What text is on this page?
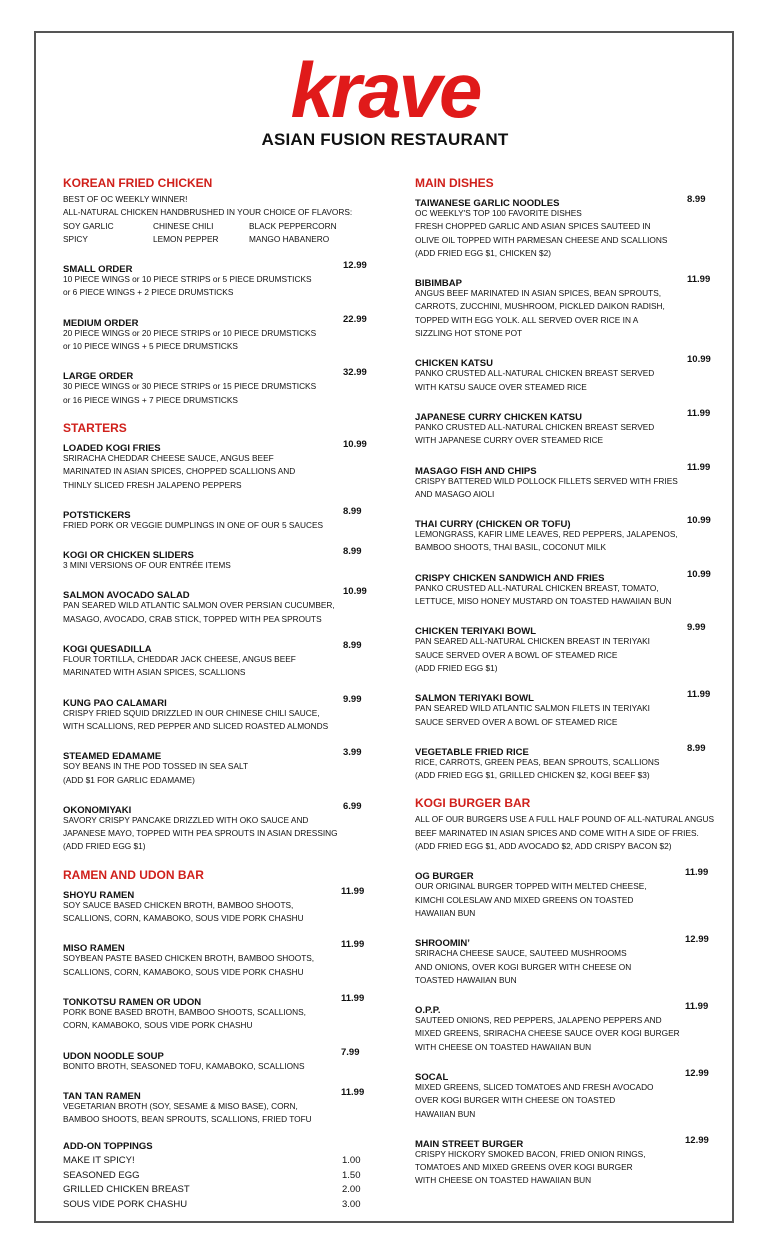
krave
ASIAN FUSION RESTAURANT
KOREAN FRIED CHICKEN
BEST OF OC WEEKLY WINNER!
ALL-NATURAL CHICKEN HANDBRUSHED IN YOUR CHOICE OF FLAVORS:
SOY GARLIC	CHINESE CHILI	BLACK PEPPERCORN
SPICY	LEMON PEPPER	MANGO HABANERO
SMALL ORDER	12.99
10 PIECE WINGS or 10 PIECE STRIPS or 5 PIECE DRUMSTICKS
or 6 PIECE WINGS + 2 PIECE DRUMSTICKS
MEDIUM ORDER	22.99
20 PIECE WINGS or 20 PIECE STRIPS or 10 PIECE DRUMSTICKS
or 10 PIECE WINGS + 5 PIECE DRUMSTICKS
LARGE ORDER	32.99
30 PIECE WINGS or 30 PIECE STRIPS or 15 PIECE DRUMSTICKS
or 16 PIECE WINGS + 7 PIECE DRUMSTICKS
STARTERS
LOADED KOGI FRIES	10.99
SRIRACHA CHEDDAR CHEESE SAUCE, ANGUS BEEF
MARINATED IN ASIAN SPICES, CHOPPED SCALLIONS AND
THINLY SLICED FRESH JALAPENO PEPPERS
POTSTICKERS	8.99
FRIED PORK OR VEGGIE DUMPLINGS IN ONE OF OUR 5 SAUCES
KOGI OR CHICKEN SLIDERS	8.99
3 MINI VERSIONS OF OUR ENTRÉE ITEMS
SALMON AVOCADO SALAD	10.99
PAN SEARED WILD ATLANTIC SALMON OVER PERSIAN CUCUMBER,
MASAGO, AVOCADO, CRAB STICK, TOPPED WITH PEA SPROUTS
KOGI QUESADILLA	8.99
FLOUR TORTILLA, CHEDDAR JACK CHEESE, ANGUS BEEF
MARINATED WITH ASIAN SPICES, SCALLIONS
KUNG PAO CALAMARI	9.99
CRISPY FRIED SQUID DRIZZLED IN OUR CHINESE CHILI SAUCE,
WITH SCALLIONS, RED PEPPER AND SLICED ROASTED ALMONDS
STEAMED EDAMAME	3.99
SOY BEANS IN THE POD TOSSED IN SEA SALT
(ADD $1 FOR GARLIC EDAMAME)
OKONOMIYAKI	6.99
SAVORY CRISPY PANCAKE DRIZZLED WITH OKO SAUCE AND
JAPANESE MAYO, TOPPED WITH PEA SPROUTS IN ASIAN DRESSING
(ADD FRIED EGG $1)
RAMEN AND UDON BAR
SHOYU RAMEN	11.99
SOY SAUCE BASED CHICKEN BROTH, BAMBOO SHOOTS,
SCALLIONS, CORN, KAMABOKO, SOUS VIDE PORK CHASHU
MISO RAMEN	11.99
SOYBEAN PASTE BASED CHICKEN BROTH, BAMBOO SHOOTS,
SCALLIONS, CORN, KAMABOKO, SOUS VIDE PORK CHASHU
TONKOTSU RAMEN OR UDON	11.99
PORK BONE BASED BROTH, BAMBOO SHOOTS, SCALLIONS,
CORN, KAMABOKO, SOUS VIDE PORK CHASHU
UDON NOODLE SOUP	7.99
BONITO BROTH, SEASONED TOFU, KAMABOKO, SCALLIONS
TAN TAN RAMEN	11.99
VEGETARIAN BROTH (SOY, SESAME & MISO BASE), CORN,
BAMBOO SHOOTS, BEAN SPROUTS, SCALLIONS, FRIED TOFU
ADD-ON TOPPINGS
MAKE IT SPICY!	1.00
SEASONED EGG	1.50
GRILLED CHICKEN BREAST	2.00
SOUS VIDE PORK CHASHU	3.00
MAIN DISHES
TAIWANESE GARLIC NOODLES	8.99
OC WEEKLY'S TOP 100 FAVORITE DISHES
FRESH CHOPPED GARLIC AND ASIAN SPICES SAUTEED IN
OLIVE OIL TOPPED WITH PARMESAN CHEESE AND SCALLIONS
(ADD FRIED EGG $1, CHICKEN $2)
BIBIMBAP	11.99
ANGUS BEEF MARINATED IN ASIAN SPICES, BEAN SPROUTS,
CARROTS, ZUCCHINI, MUSHROOM, PICKLED DAIKON RADISH,
TOPPED WITH EGG YOLK. ALL SERVED OVER RICE IN A
SIZZLING HOT STONE POT
CHICKEN KATSU	10.99
PANKO CRUSTED ALL-NATURAL CHICKEN BREAST SERVED
WITH KATSU SAUCE OVER STEAMED RICE
JAPANESE CURRY CHICKEN KATSU	11.99
PANKO CRUSTED ALL-NATURAL CHICKEN BREAST SERVED
WITH JAPANESE CURRY OVER STEAMED RICE
MASAGO FISH AND CHIPS	11.99
CRISPY BATTERED WILD POLLOCK FILLETS SERVED WITH FRIES
AND MASAGO AIOLI
THAI CURRY (CHICKEN OR TOFU)	10.99
LEMONGRASS, KAFIR LIME LEAVES, RED PEPPERS, JALAPENOS,
BAMBOO SHOOTS, THAI BASIL, COCONUT MILK
CRISPY CHICKEN SANDWICH AND FRIES	10.99
PANKO CRUSTED ALL-NATURAL CHICKEN BREAST, TOMATO,
LETTUCE, MISO HONEY MUSTARD ON TOASTED HAWAIIAN BUN
CHICKEN TERIYAKI BOWL	9.99
PAN SEARED ALL-NATURAL CHICKEN BREAST IN TERIYAKI
SAUCE SERVED OVER A BOWL OF STEAMED RICE
(ADD FRIED EGG $1)
SALMON TERIYAKI BOWL	11.99
PAN SEARED WILD ATLANTIC SALMON FILETS IN TERIYAKI
SAUCE SERVED OVER A BOWL OF STEAMED RICE
VEGETABLE FRIED RICE	8.99
RICE, CARROTS, GREEN PEAS, BEAN SPROUTS, SCALLIONS
(ADD FRIED EGG $1, GRILLED CHICKEN $2, KOGI BEEF $3)
KOGI BURGER BAR
ALL OF OUR BURGERS USE A FULL HALF POUND OF ALL-NATURAL ANGUS
BEEF MARINATED IN ASIAN SPICES AND COME WITH A SIDE OF FRIES.
(ADD FRIED EGG $1, ADD AVOCADO $2, ADD CRISPY BACON $2)
OG BURGER	11.99
OUR ORIGINAL BURGER TOPPED WITH MELTED CHEESE,
KIMCHI COLESLAW AND MIXED GREENS ON TOASTED
HAWAIIAN BUN
SHROOMIN’	12.99
SRIRACHA CHEESE SAUCE, SAUTEED MUSHROOMS
AND ONIONS, OVER KOGI BURGER WITH CHEESE ON
TOASTED HAWAIIAN BUN
O.P.P.	11.99
SAUTEED ONIONS, RED PEPPERS, JALAPENO PEPPERS AND
MIXED GREENS, SRIRACHA CHEESE SAUCE OVER KOGI BURGER
WITH CHEESE ON TOASTED HAWAIIAN BUN
SOCAL	12.99
MIXED GREENS, SLICED TOMATOES AND FRESH AVOCADO
OVER KOGI BURGER WITH CHEESE ON TOASTED
HAWAIIAN BUN
MAIN STREET BURGER	12.99
CRISPY HICKORY SMOKED BACON, FRIED ONION RINGS,
TOMATOES AND MIXED GREENS OVER KOGI BURGER
WITH CHEESE ON TOASTED HAWAIIAN BUN
